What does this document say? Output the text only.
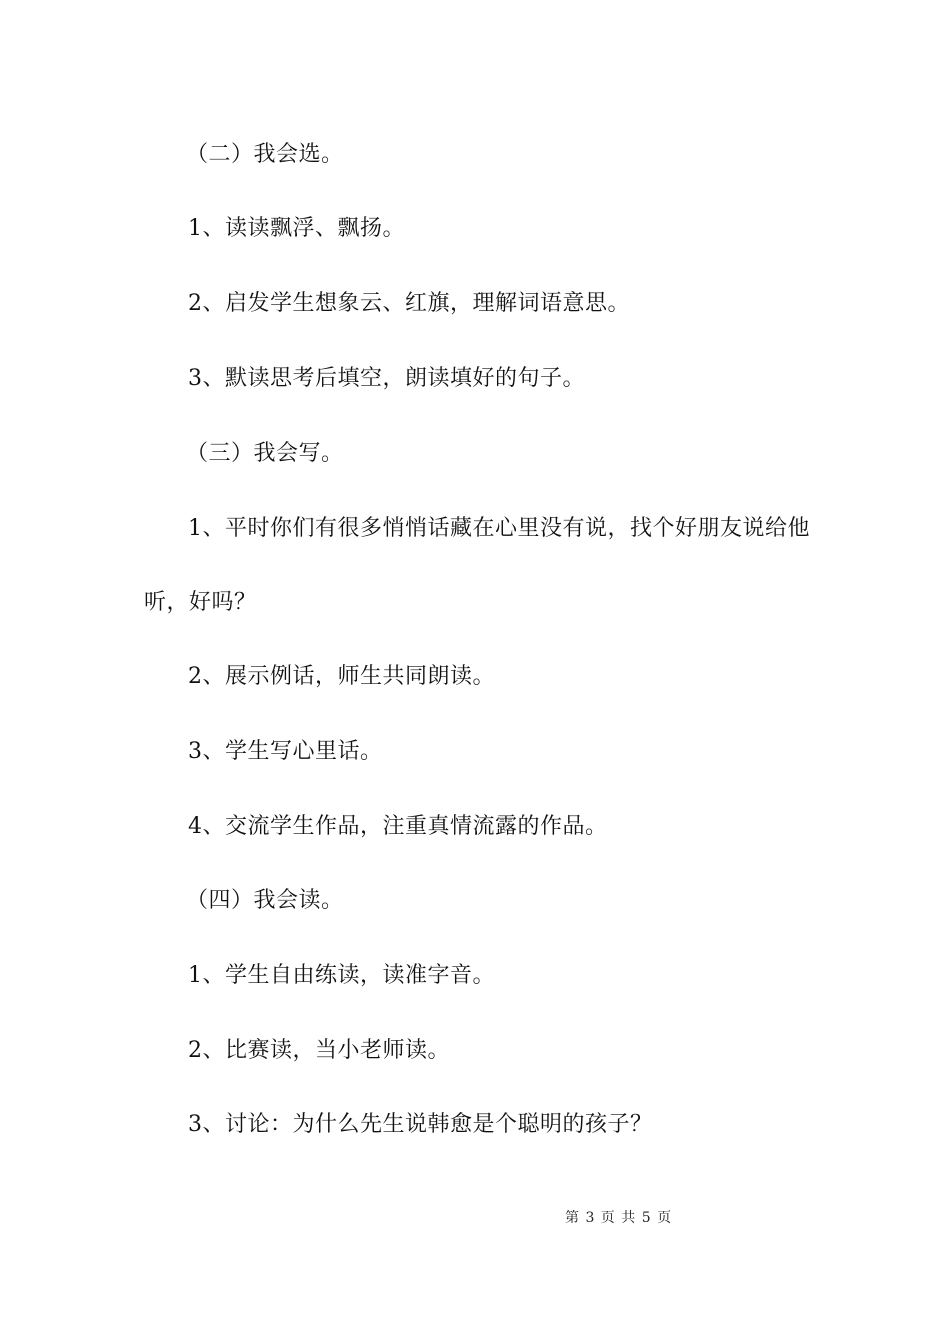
（二）我会选。
1、读读飘浮、飘扬。
2、启发学生想象云、红旗，理解词语意思。
3、默读思考后填空，朗读填好的句子。
（三）我会写。
1、平时你们有很多悄悄话藏在心里没有说，找个好朋友说给他
听，好吗？
2、展示例话，师生共同朗读。
3、学生写心里话。
4、交流学生作品，注重真情流露的作品。
（四）我会读。
1、学生自由练读，读准字音。
2、比赛读，当小老师读。
3、讨论：为什么先生说韩愈是个聪明的孩子？
第 3 页 共 5 页
